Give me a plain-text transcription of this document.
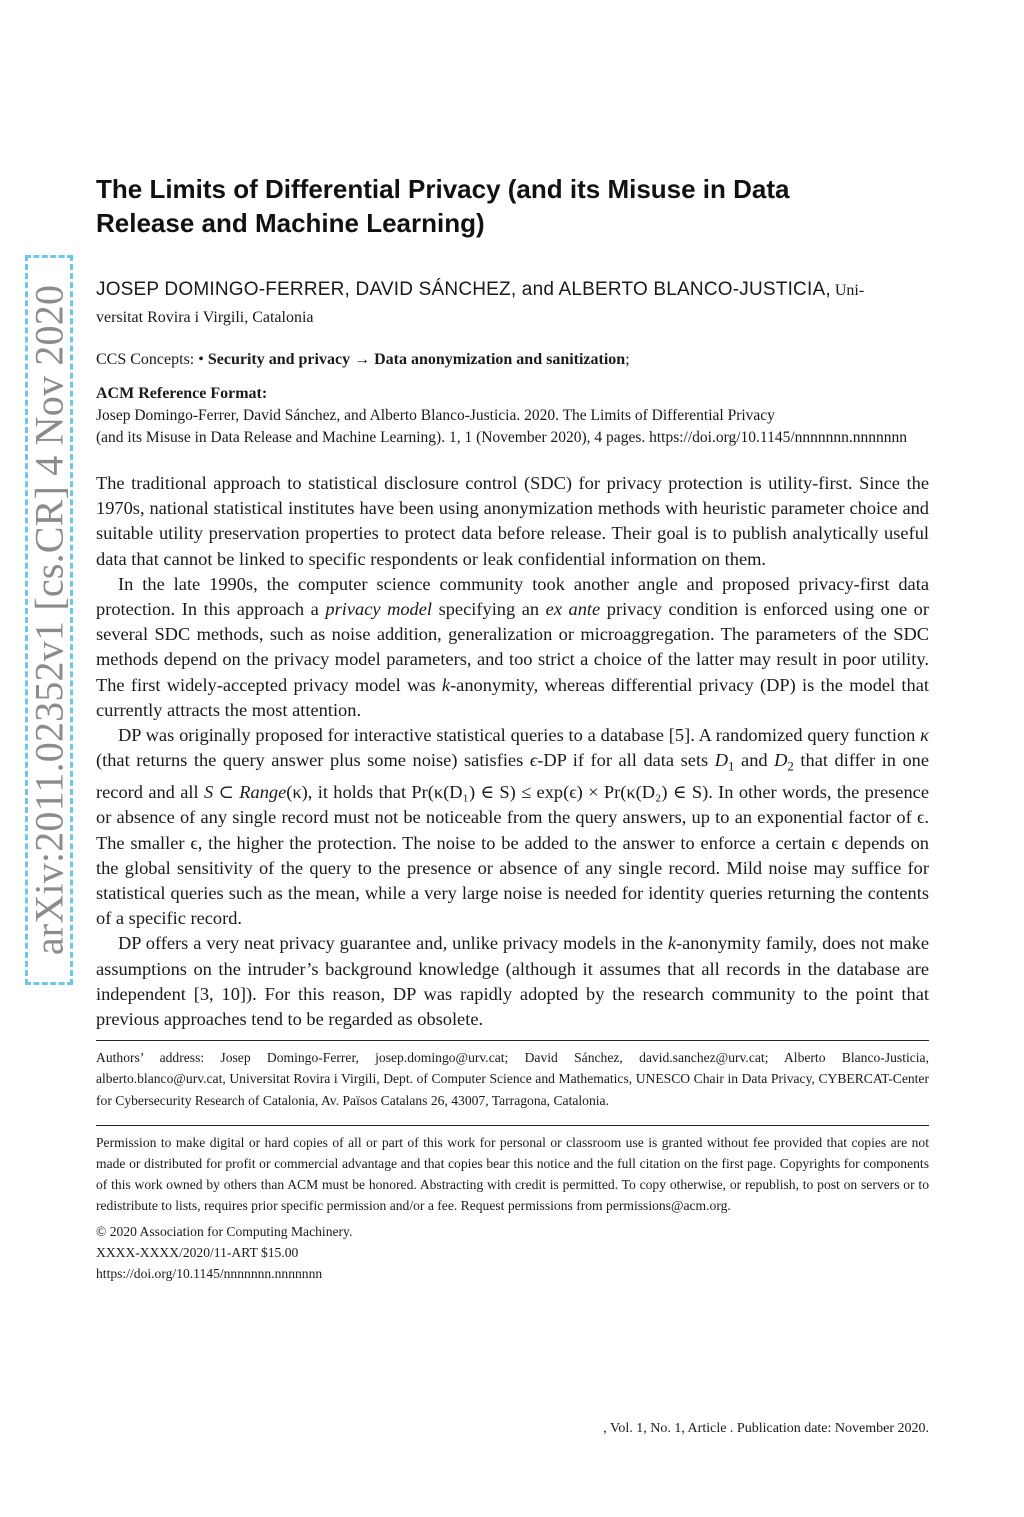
arXiv:2011.02352v1 [cs.CR] 4 Nov 2020
The Limits of Differential Privacy (and its Misuse in Data
Release and Machine Learning)
JOSEP DOMINGO-FERRER, DAVID SÁNCHEZ, and ALBERTO BLANCO-JUSTICIA, Uni-
versitat Rovira i Virgili, Catalonia
CCS Concepts: • Security and privacy → Data anonymization and sanitization;
ACM Reference Format:
Josep Domingo-Ferrer, David Sánchez, and Alberto Blanco-Justicia. 2020. The Limits of Differential Privacy
(and its Misuse in Data Release and Machine Learning). 1, 1 (November 2020), 4 pages. https://doi.org/10.1145/nnnnnnn.nnnnnnn

The traditional approach to statistical disclosure control (SDC) for privacy protection is utility-first. Since the 1970s, national statistical institutes have been using anonymization methods with heuristic parameter choice and suitable utility preservation properties to protect data before release. Their goal is to publish analytically useful data that cannot be linked to specific respondents or leak confidential information on them.

In the late 1990s, the computer science community took another angle and proposed privacy-first data protection. In this approach a privacy model specifying an ex ante privacy condition is enforced using one or several SDC methods, such as noise addition, generalization or microaggregation. The parameters of the SDC methods depend on the privacy model parameters, and too strict a choice of the latter may result in poor utility. The first widely-accepted privacy model was k-anonymity, whereas differential privacy (DP) is the model that currently attracts the most attention.

DP was originally proposed for interactive statistical queries to a database [5]. A randomized query function κ (that returns the query answer plus some noise) satisfies ϵ-DP if for all data sets $D_1$ and $D_2$ that differ in one record and all S ⊂ Range(κ), it holds that Pr(κ(D₁) ∈ S) ≤ exp(ϵ) × Pr(κ(D₂) ∈ S). In other words, the presence or absence of any single record must not be noticeable from the query answers, up to an exponential factor of ϵ. The smaller ϵ, the higher the protection. The noise to be added to the answer to enforce a certain ϵ depends on the global sensitivity of the query to the presence or absence of any single record. Mild noise may suffice for statistical queries such as the mean, while a very large noise is needed for identity queries returning the contents of a specific record.

DP offers a very neat privacy guarantee and, unlike privacy models in the k-anonymity family, does not make assumptions on the intruder’s background knowledge (although it assumes that all records in the database are independent [3, 10]). For this reason, DP was rapidly adopted by the research community to the point that previous approaches tend to be regarded as obsolete.

Authors’ address: Josep Domingo-Ferrer, josep.domingo@urv.cat; David Sánchez, david.sanchez@urv.cat; Alberto Blanco-Justicia, alberto.blanco@urv.cat, Universitat Rovira i Virgili, Dept. of Computer Science and Mathematics, UNESCO Chair in Data Privacy, CYBERCAT-Center for Cybersecurity Research of Catalonia, Av. Països Catalans 26, 43007, Tarragona, Catalonia.
Permission to make digital or hard copies of all or part of this work for personal or classroom use is granted without fee provided that copies are not made or distributed for profit or commercial advantage and that copies bear this notice and the full citation on the first page. Copyrights for components of this work owned by others than ACM must be honored. Abstracting with credit is permitted. To copy otherwise, or republish, to post on servers or to redistribute to lists, requires prior specific permission and/or a fee. Request permissions from permissions@acm.org.
© 2020 Association for Computing Machinery.
XXXX-XXXX/2020/11-ART $15.00
https://doi.org/10.1145/nnnnnnn.nnnnnnn
, Vol. 1, No. 1, Article . Publication date: November 2020.
